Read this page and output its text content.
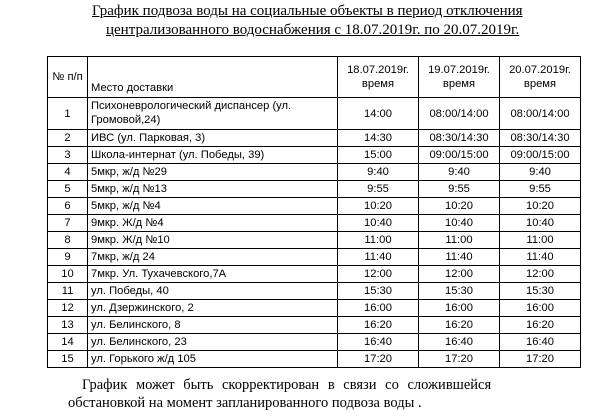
График подвоза воды на социальные объекты в период отключения
централизованного водоснабжения с 18.07.2019г. по 20.07.2019г.
№ п/п	Место доставки	18.07.2019г. время	19.07.2019г. время	20.07.2019г. время
1	Психоневрологический диспансер (ул. Громовой,24)	14:00	08:00/14:00	08:00/14:00
2	ИВС (ул. Парковая, 3)	14:30	08:30/14:30	08:30/14:30
3	Школа-интернат (ул. Победы, 39)	15:00	09:00/15:00	09:00/15:00
4	5мкр, ж/д №29	9:40	9:40	9:40
5	5мкр, ж/д №13	9:55	9:55	9:55
6	5мкр, ж/д №4	10:20	10:20	10:20
7	9мкр. Ж/д №4	10:40	10:40	10:40
8	9мкр. Ж/д №10	11:00	11:00	11:00
9	7мкр, ж/д 24	11:40	11:40	11:40
10	7мкр. Ул. Тухачевского,7А	12:00	12:00	12:00
11	ул. Победы, 40	15:30	15:30	15:30
12	ул. Дзержинского, 2	16:00	16:00	16:00
13	ул. Белинского, 8	16:20	16:20	16:20
14	ул. Белинского, 23	16:40	16:40	16:40
15	ул. Горького ж/д 105	17:20	17:20	17:20
График может быть скорректирован в связи со сложившейся
обстановкой на момент запланированного подвоза воды .
